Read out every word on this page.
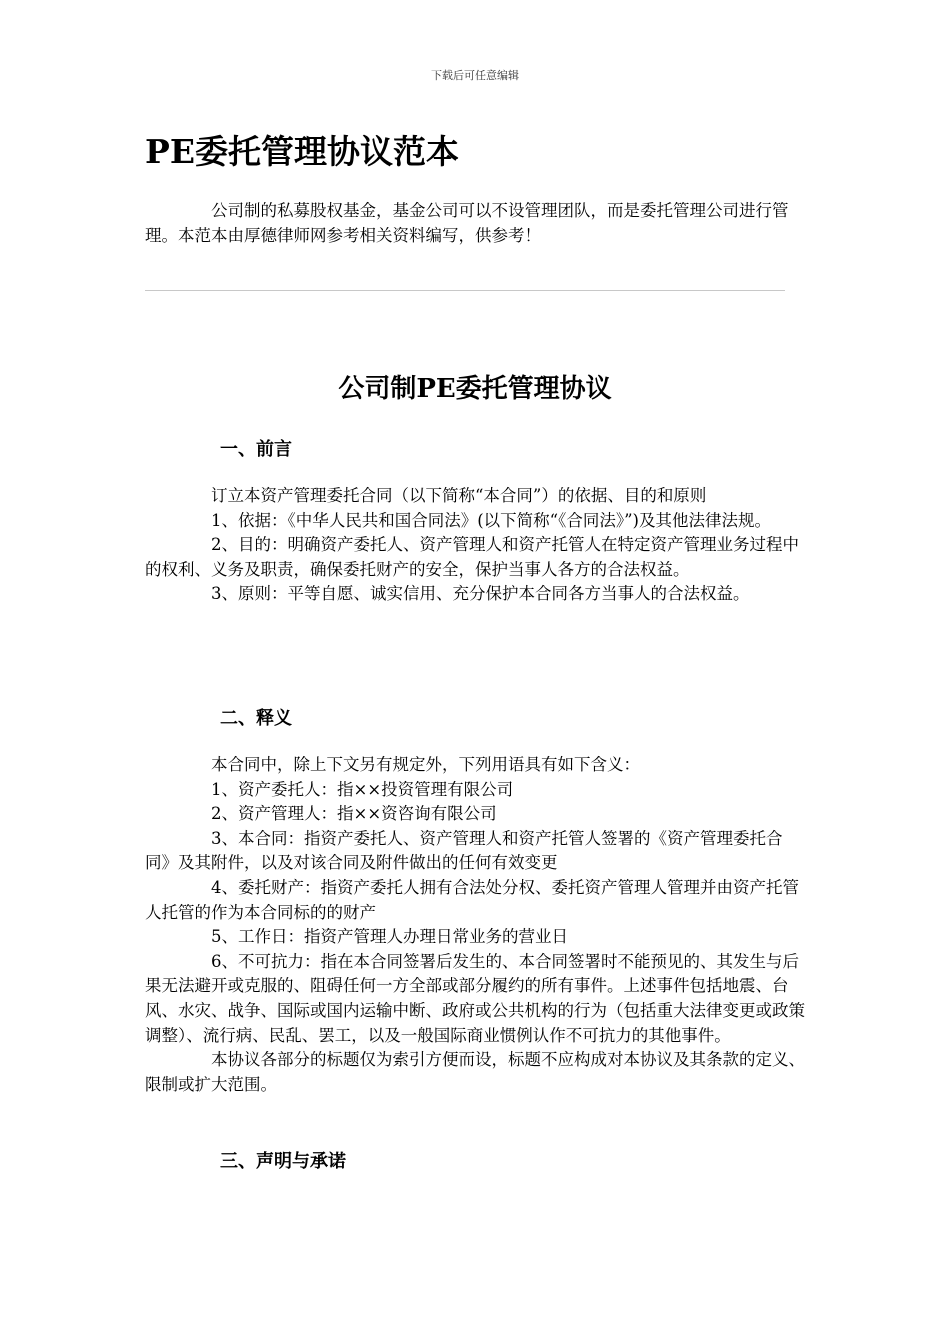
下载后可任意编辑
PE委托管理协议范本

公司制的私募股权基金，基金公司可以不设管理团队，而是委托管理公司进行管理。本范本由厚德律师网参考相关资料编写，供参考！

公司制PE委托管理协议
一、前言

订立本资产管理委托合同（以下简称“本合同”）的依据、目的和原则

1、依据：《中华人民共和国合同法》(以下简称“《合同法》”)及其他法律法规。

2、目的：明确资产委托人、资产管理人和资产托管人在特定资产管理业务过程中的权利、义务及职责，确保委托财产的安全，保护当事人各方的合法权益。

3、原则：平等自愿、诚实信用、充分保护本合同各方当事人的合法权益。

二、释义

本合同中，除上下文另有规定外，下列用语具有如下含义：

1、资产委托人：指××投资管理有限公司

2、资产管理人：指××资咨询有限公司

3、本合同：指资产委托人、资产管理人和资产托管人签署的《资产管理委托合同》及其附件，以及对该合同及附件做出的任何有效变更

4、委托财产：指资产委托人拥有合法处分权、委托资产管理人管理并由资产托管人托管的作为本合同标的的财产

5、工作日：指资产管理人办理日常业务的营业日

6、不可抗力：指在本合同签署后发生的、本合同签署时不能预见的、其发生与后果无法避开或克服的、阻碍任何一方全部或部分履约的所有事件。上述事件包括地震、台风、水灾、战争、国际或国内运输中断、政府或公共机构的行为（包括重大法律变更或政策调整）、流行病、民乱、罢工，以及一般国际商业惯例认作不可抗力的其他事件。

本协议各部分的标题仅为索引方便而设，标题不应构成对本协议及其条款的定义、限制或扩大范围。

三、声明与承诺
